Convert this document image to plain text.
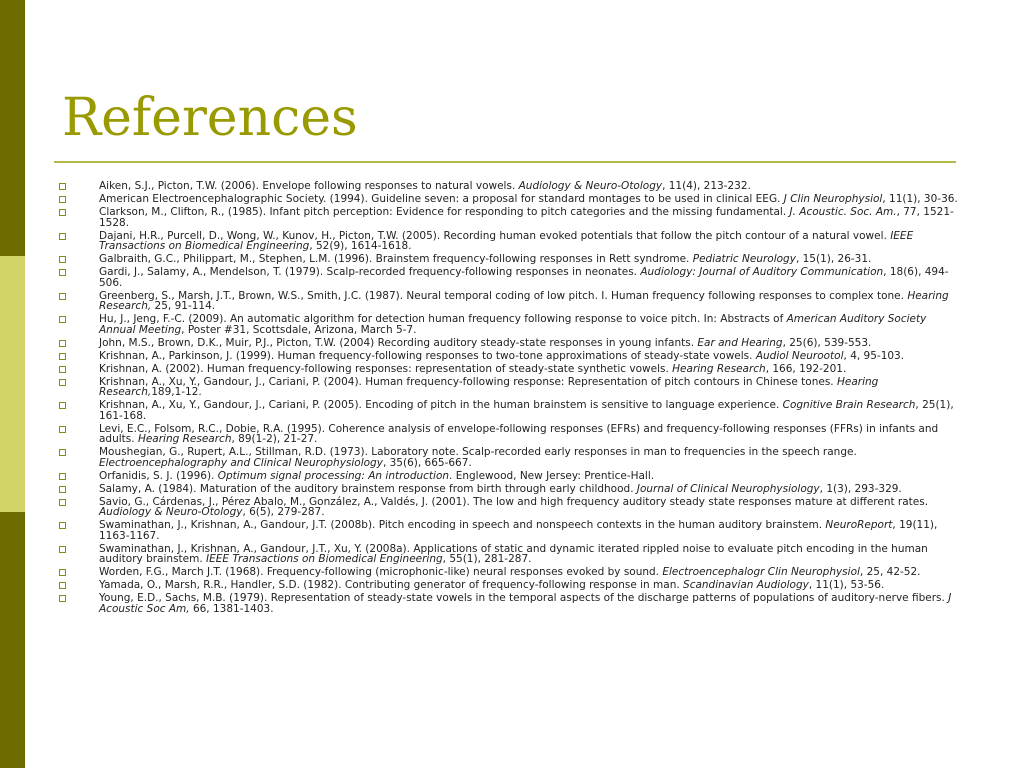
References
Aiken, S.J., Picton, T.W. (2006). Envelope following responses to natural vowels. Audiology & Neuro-Otology, 11(4), 213-232.
American Electroencephalographic Society. (1994). Guideline seven: a proposal for standard montages to be used in clinical EEG. J Clin Neurophysiol, 11(1), 30-36.
Clarkson, M., Clifton, R., (1985). Infant pitch perception: Evidence for responding to pitch categories and the missing fundamental. J. Acoustic. Soc. Am., 77, 1521-1528.
Dajani, H.R., Purcell, D., Wong, W., Kunov, H., Picton, T.W. (2005). Recording human evoked potentials that follow the pitch contour of a natural vowel. IEEE Transactions on Biomedical Engineering, 52(9), 1614-1618.
Galbraith, G.C., Philippart, M., Stephen, L.M. (1996). Brainstem frequency-following responses in Rett syndrome. Pediatric Neurology, 15(1), 26-31.
Gardi, J., Salamy, A., Mendelson, T. (1979). Scalp-recorded frequency-following responses in neonates. Audiology: Journal of Auditory Communication, 18(6), 494-506.
Greenberg, S., Marsh, J.T., Brown, W.S., Smith, J.C. (1987). Neural temporal coding of low pitch. I. Human frequency following responses to complex tone. Hearing Research, 25, 91-114.
Hu, J., Jeng, F.-C. (2009). An automatic algorithm for detection human frequency following response to voice pitch. In: Abstracts of American Auditory Society Annual Meeting, Poster #31, Scottsdale, Arizona, March 5-7.
John, M.S., Brown, D.K., Muir, P.J., Picton, T.W. (2004) Recording auditory steady-state responses in young infants. Ear and Hearing, 25(6), 539-553.
Krishnan, A., Parkinson, J. (1999). Human frequency-following responses to two-tone approximations of steady-state vowels. Audiol Neurootol, 4, 95-103.
Krishnan, A. (2002). Human frequency-following responses: representation of steady-state synthetic vowels. Hearing Research, 166, 192-201.
Krishnan, A., Xu, Y., Gandour, J., Cariani, P. (2004). Human frequency-following response: Representation of pitch contours in Chinese tones. Hearing Research,189,1-12.
Krishnan, A., Xu, Y., Gandour, J., Cariani, P. (2005). Encoding of pitch in the human brainstem is sensitive to language experience. Cognitive Brain Research, 25(1), 161-168.
Levi, E.C., Folsom, R.C., Dobie, R.A. (1995). Coherence analysis of envelope-following responses (EFRs) and frequency-following responses (FFRs) in infants and adults. Hearing Research, 89(1-2), 21-27.
Moushegian, G., Rupert, A.L., Stillman, R.D. (1973). Laboratory note. Scalp-recorded early responses in man to frequencies in the speech range. Electroencephalography and Clinical Neurophysiology, 35(6), 665-667.
Orfanidis, S. J. (1996). Optimum signal processing: An introduction. Englewood, New Jersey: Prentice-Hall.
Salamy, A. (1984). Maturation of the auditory brainstem response from birth through early childhood. Journal of Clinical Neurophysiology, 1(3), 293-329.
Savio, G., Cárdenas, J., Pérez Abalo, M., González, A., Valdés, J. (2001). The low and high frequency auditory steady state responses mature at different rates. Audiology & Neuro-Otology, 6(5), 279-287.
Swaminathan, J., Krishnan, A., Gandour, J.T. (2008b). Pitch encoding in speech and nonspeech contexts in the human auditory brainstem. NeuroReport, 19(11), 1163-1167.
Swaminathan, J., Krishnan, A., Gandour, J.T., Xu, Y. (2008a). Applications of static and dynamic iterated rippled noise to evaluate pitch encoding in the human auditory brainstem. IEEE Transactions on Biomedical Engineering, 55(1), 281-287.
Worden, F.G., March J.T. (1968). Frequency-following (microphonic-like) neural responses evoked by sound. Electroencephalogr Clin Neurophysiol, 25, 42-52.
Yamada, O., Marsh, R.R., Handler, S.D. (1982). Contributing generator of frequency-following response in man. Scandinavian Audiology, 11(1), 53-56.
Young, E.D., Sachs, M.B. (1979). Representation of steady-state vowels in the temporal aspects of the discharge patterns of populations of auditory-nerve fibers. J Acoustic Soc Am, 66, 1381-1403.
